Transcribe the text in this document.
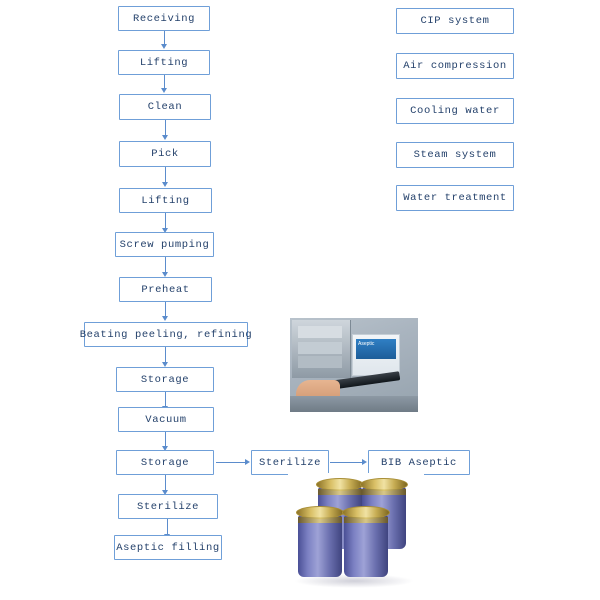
Receiving
Lifting
Clean
Pick
Lifting
Screw pumping
Preheat
Beating peeling, refining
Storage
Vacuum
Storage
Sterilize
Aseptic filling
Sterilize	BIB Aseptic
CIP system
Air compression
Cooling water
Steam system
Water treatment
Aseptic
